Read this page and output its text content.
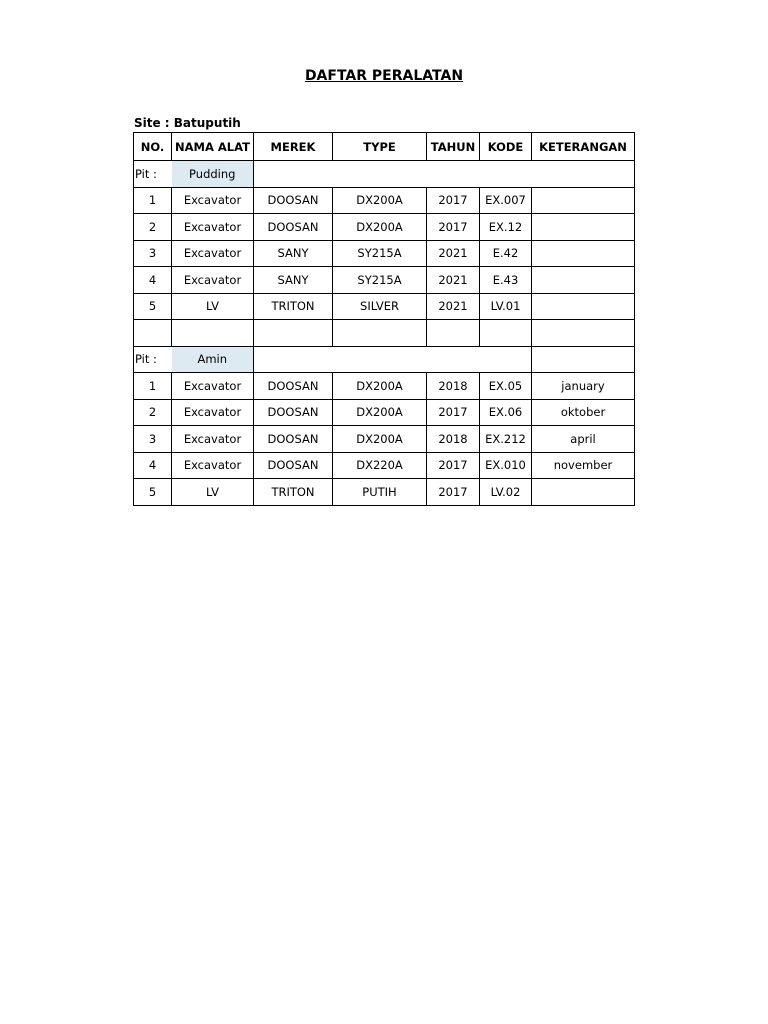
DAFTAR PERALATAN
Site : Batuputih
NO.	NAMA ALAT	MEREK	TYPE	TAHUN	KODE	KETERANGAN
Pit :	Pudding					
1	Excavator	DOOSAN	DX200A	2017	EX.007	
2	Excavator	DOOSAN	DX200A	2017	EX.12	
3	Excavator	SANY	SY215A	2021	E.42	
4	Excavator	SANY	SY215A	2021	E.43	
5	LV	TRITON	SILVER	2021	LV.01	

Pit :	Amin					
1	Excavator	DOOSAN	DX200A	2018	EX.05	january
2	Excavator	DOOSAN	DX200A	2017	EX.06	oktober
3	Excavator	DOOSAN	DX200A	2018	EX.212	april
4	Excavator	DOOSAN	DX220A	2017	EX.010	november
5	LV	TRITON	PUTIH	2017	LV.02	
